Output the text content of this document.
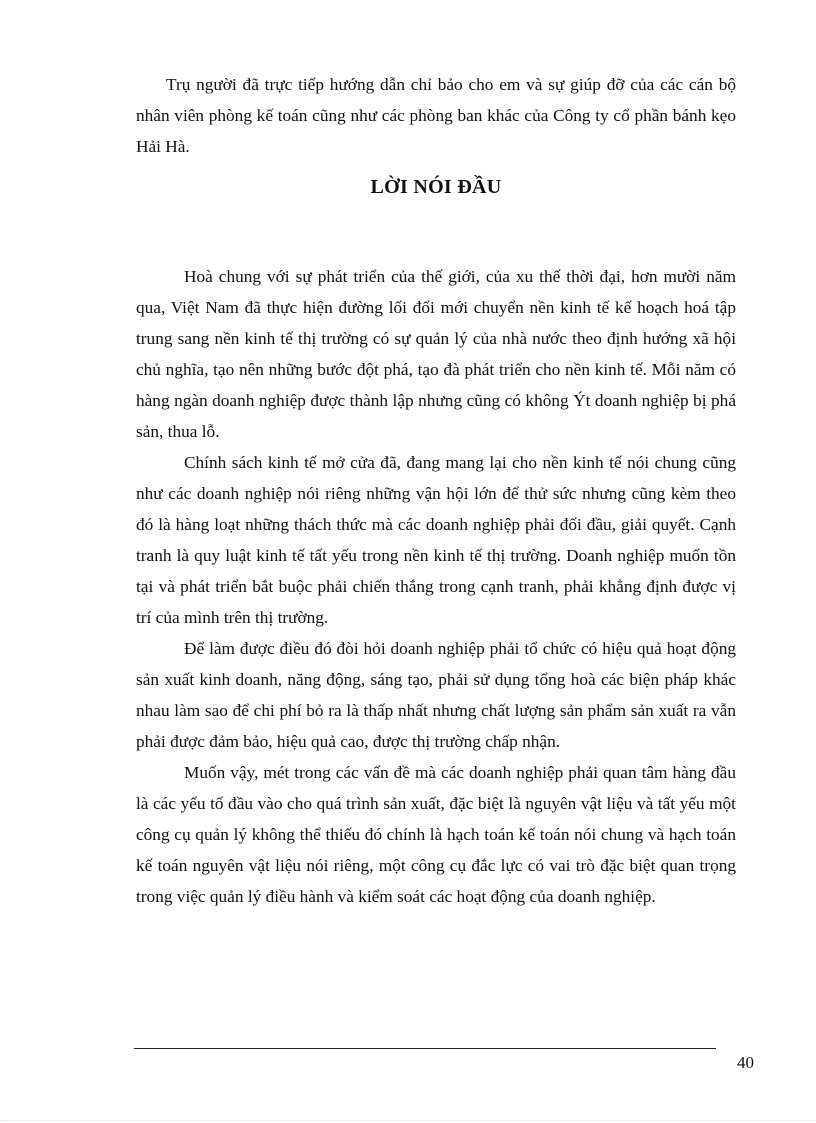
Trụ người đã trực tiếp hướng dẫn chỉ bảo cho em và sự giúp đỡ của các cán bộ nhân viên phòng kế toán cũng như các phòng ban khác của Công ty cổ phần bánh kẹo Hải Hà.
LỜI NÓI ĐẦU

Hoà chung với sự phát triển của thế giới, của xu thế thời đại, hơn mười năm qua, Việt Nam đã thực hiện đường lối đổi mới chuyển nền kinh tế kế hoạch hoá tập trung sang nền kinh tế thị trường có sự quản lý của nhà nước theo định hướng xã hội chủ nghĩa, tạo nên những bước đột phá, tạo đà phát triển cho nền kinh tế. Mỗi năm có hàng ngàn doanh nghiệp được thành lập nhưng cũng có không Ýt doanh nghiệp bị phá sản, thua lỗ.

Chính sách kinh tế mở cửa đã, đang mang lại cho nền kinh tế nói chung cũng như các doanh nghiệp nói riêng những vận hội lớn để thử sức nhưng cũng kèm theo đó là hàng loạt những thách thức mà các doanh nghiệp phải đối đầu, giải quyết. Cạnh tranh là quy luật kinh tế tất yếu trong nền kinh tế thị trường. Doanh nghiệp muốn tồn tại và phát triển bắt buộc phải chiến thắng trong cạnh tranh, phải khẳng định được vị trí của mình trên thị trường.

Để làm được điều đó đòi hỏi doanh nghiệp phải tổ chức có hiệu quả hoạt động sản xuất kinh doanh, năng động, sáng tạo, phải sử dụng tổng hoà các biện pháp khác nhau làm sao để chi phí bỏ ra là thấp nhất nhưng chất lượng sản phẩm sản xuất ra vẫn phải được đảm bảo, hiệu quả cao, được thị trường chấp nhận.

Muốn vậy, mét trong các vấn đề mà các doanh nghiệp phải quan tâm hàng đầu là các yếu tố đầu vào cho quá trình sản xuất, đặc biệt là nguyên vật liệu và tất yếu một công cụ quản lý không thể thiếu đó chính là hạch toán kế toán nói chung và hạch toán kế toán nguyên vật liệu nói riêng, một công cụ đắc lực có vai trò đặc biệt quan trọng trong việc quản lý điều hành và kiểm soát các hoạt động của doanh nghiệp.

40
